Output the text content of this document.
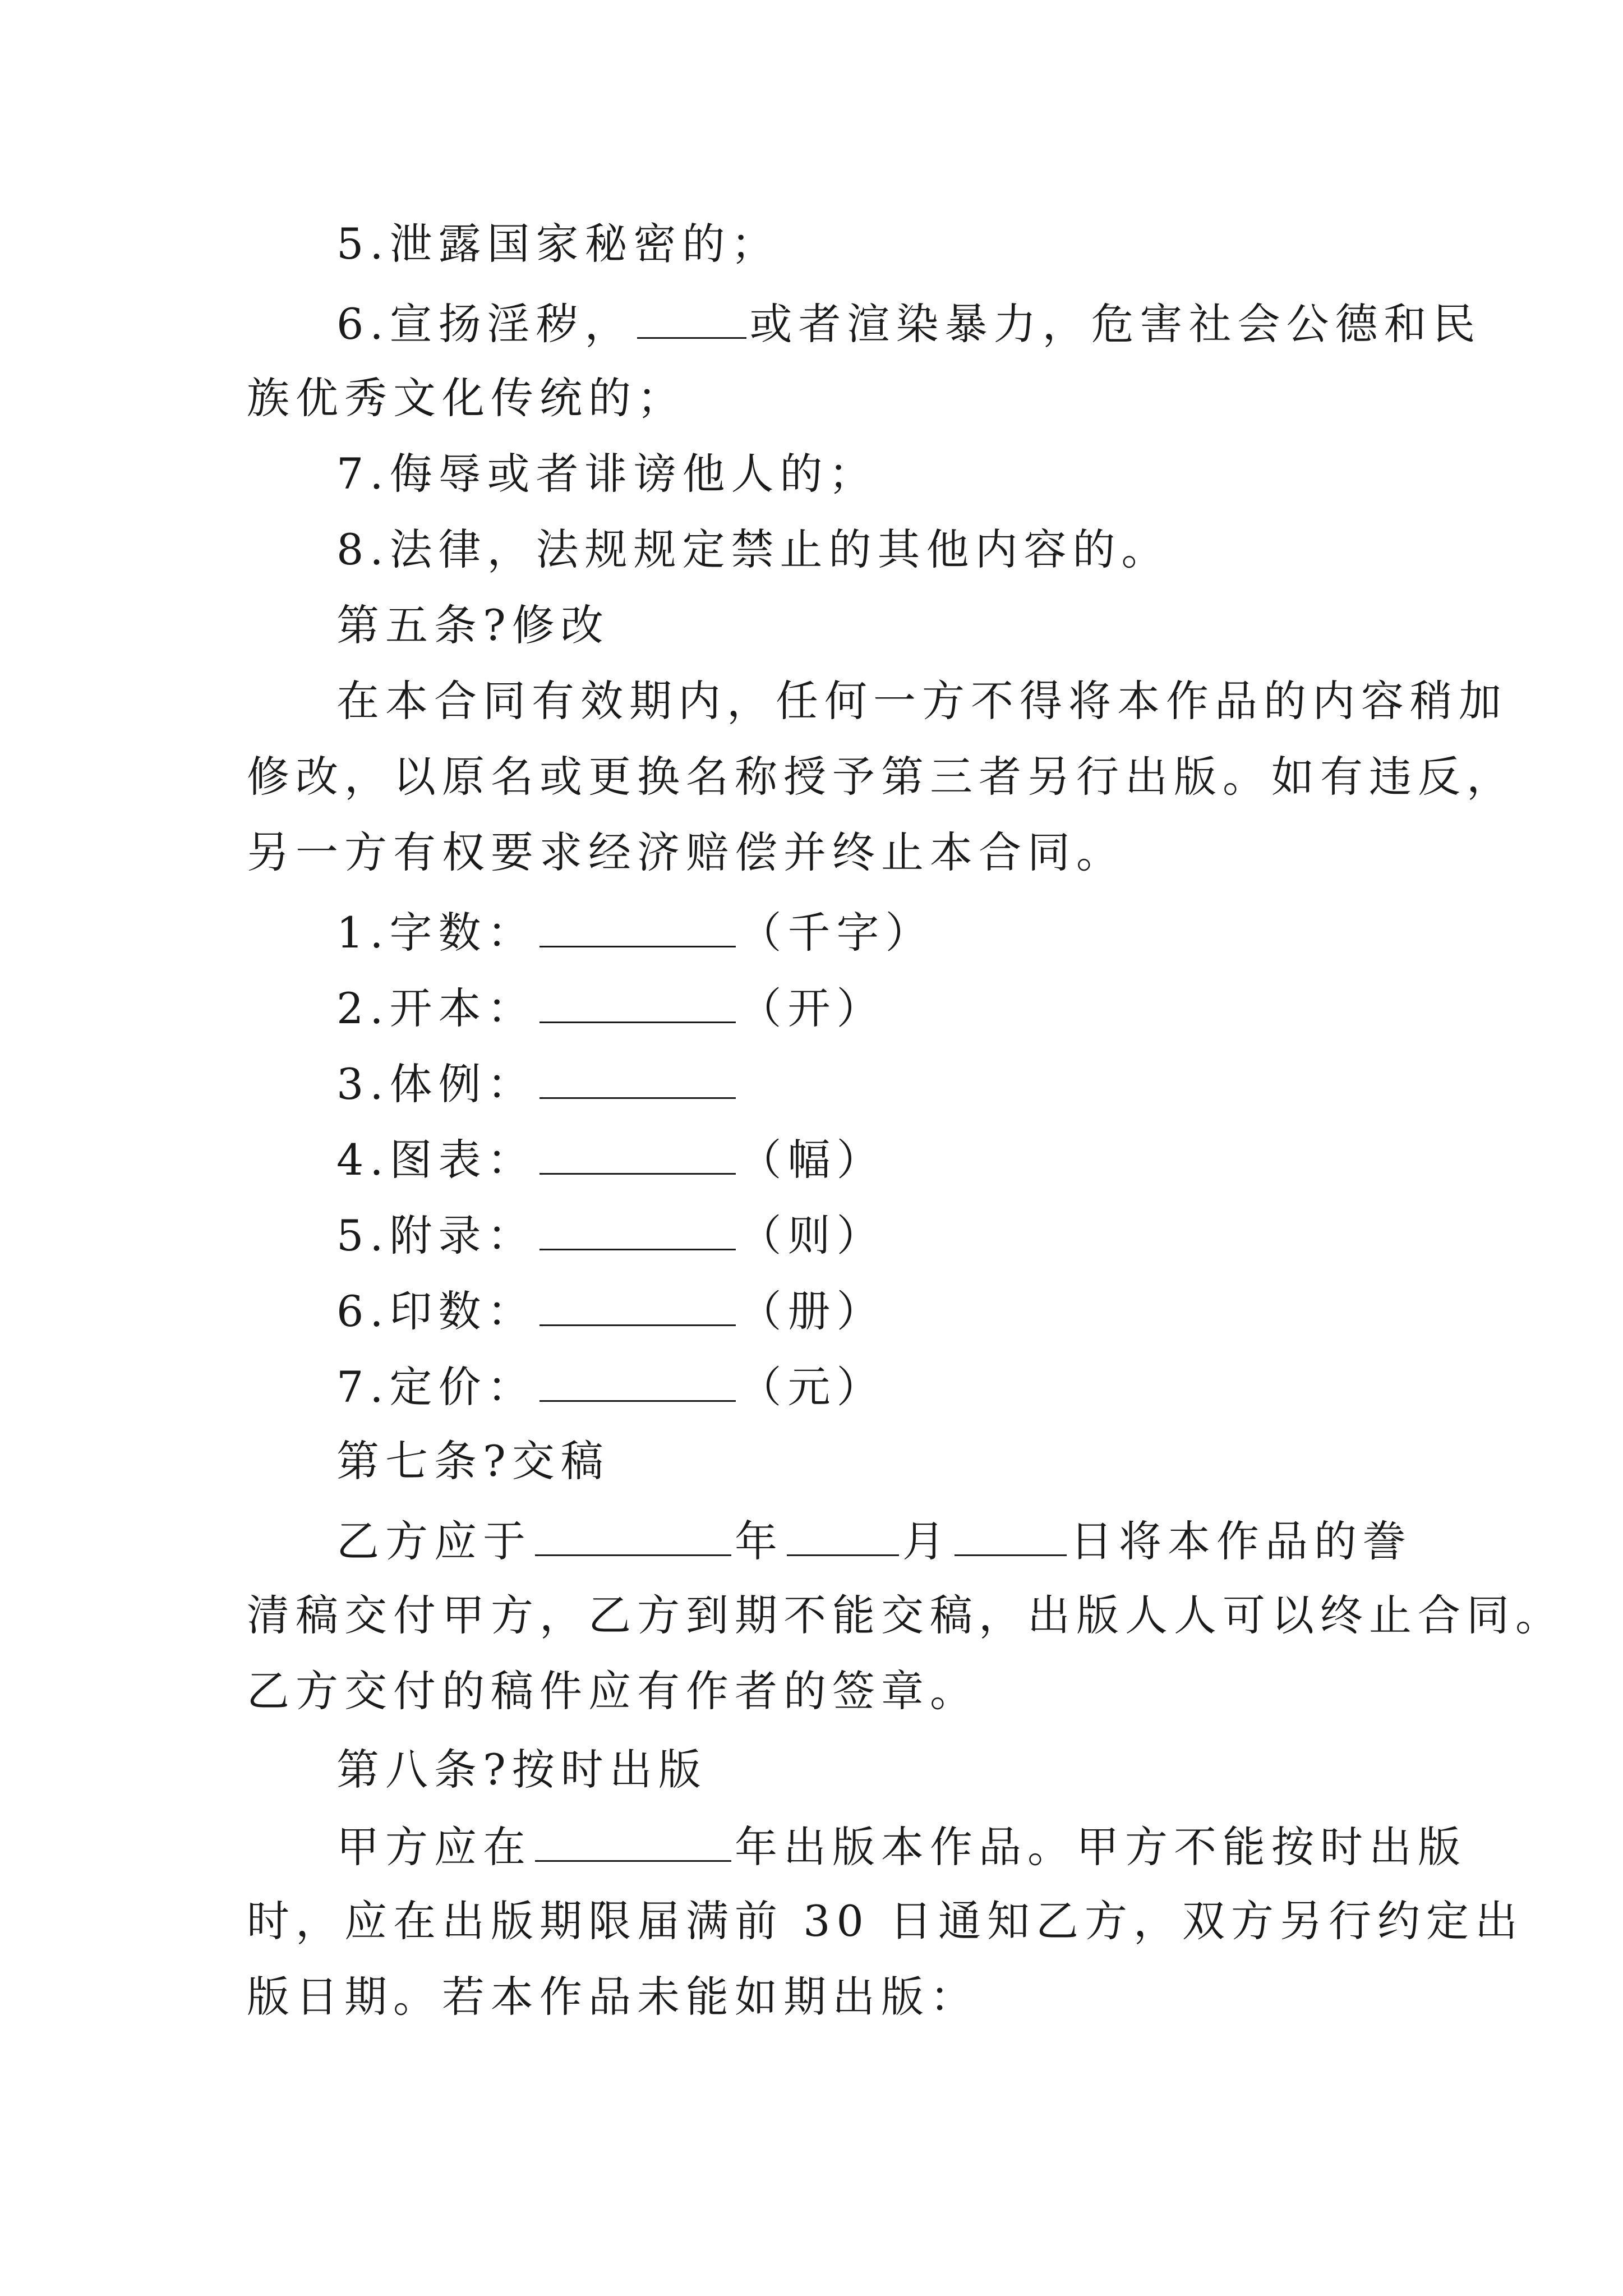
5.泄露国家秘密的；
6.宣扬淫秽，	或者渲染暴力，危害社会公德和民
族优秀文化传统的；
7.侮辱或者诽谤他人的；
8.法律，法规规定禁止的其他内容的。
第五条?修改
在本合同有效期内，任何一方不得将本作品的内容稍加
修改，以原名或更换名称授予第三者另行出版。如有违反，
另一方有权要求经济赔偿并终止本合同。
1.字数：	（千字）
2.开本：	（开）
3.体例：
4.图表：	（幅）
5.附录：	（则）
6.印数：	（册）
7.定价：	（元）
第七条?交稿
乙方应于	年	月	日将本作品的誊
清稿交付甲方，乙方到期不能交稿，出版人人可以终止合同。
乙方交付的稿件应有作者的签章。
第八条?按时出版
甲方应在	年出版本作品。甲方不能按时出版
时，应在出版期限届满前 30 日通知乙方，双方另行约定出
版日期。若本作品未能如期出版：
